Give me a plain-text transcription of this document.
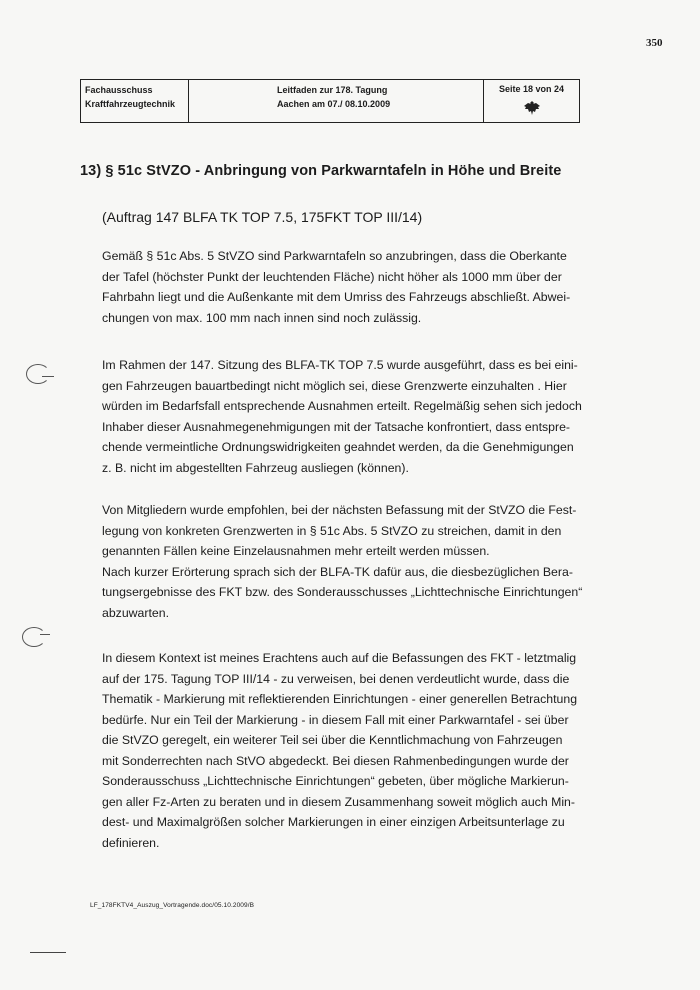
350
Fachausschuss
Kraftfahrzeugtechnik
Leitfaden zur 178. Tagung
Aachen am 07./ 08.10.2009
Seite 18 von 24
13) § 51c StVZO - Anbringung von Parkwarntafeln in Höhe und Breite
(Auftrag 147 BLFA TK TOP 7.5, 175FKT TOP III/14)
Gemäß § 51c Abs. 5 StVZO sind Parkwarntafeln so anzubringen, dass die Oberkante
der Tafel (höchster Punkt der leuchtenden Fläche) nicht höher als 1000 mm über der
Fahrbahn liegt und die Außenkante mit dem Umriss des Fahrzeugs abschließt. Abwei-
chungen von max. 100 mm nach innen sind noch zulässig.
Im Rahmen der 147. Sitzung des BLFA-TK TOP 7.5 wurde ausgeführt, dass es bei eini-
gen Fahrzeugen bauartbedingt nicht möglich sei, diese Grenzwerte einzuhalten . Hier
würden im Bedarfsfall entsprechende Ausnahmen erteilt. Regelmäßig sehen sich jedoch
Inhaber dieser Ausnahmegenehmigungen mit der Tatsache konfrontiert, dass entspre-
chende vermeintliche Ordnungswidrigkeiten geahndet werden, da die Genehmigungen
z. B. nicht im abgestellten Fahrzeug ausliegen (können).
Von Mitgliedern wurde empfohlen, bei der nächsten Befassung mit der StVZO die Fest-
legung von konkreten Grenzwerten in § 51c Abs. 5 StVZO zu streichen, damit in den
genannten Fällen keine Einzelausnahmen mehr erteilt werden müssen.
Nach kurzer Erörterung sprach sich der BLFA-TK dafür aus, die diesbezüglichen Bera-
tungsergebnisse des FKT bzw. des Sonderausschusses „Lichttechnische Einrichtungen“
abzuwarten.
In diesem Kontext ist meines Erachtens auch auf die Befassungen des FKT - letztmalig
auf der 175. Tagung TOP III/14 - zu verweisen, bei denen verdeutlicht wurde, dass die
Thematik - Markierung mit reflektierenden Einrichtungen - einer generellen Betrachtung
bedürfe. Nur ein Teil der Markierung - in diesem Fall mit einer Parkwarntafel - sei über
die StVZO geregelt, ein weiterer Teil sei über die Kenntlichmachung von Fahrzeugen
mit Sonderrechten nach StVO abgedeckt. Bei diesen Rahmenbedingungen wurde der
Sonderausschuss „Lichttechnische Einrichtungen“ gebeten, über mögliche Markierun-
gen aller Fz-Arten zu beraten und in diesem Zusammenhang soweit möglich auch Min-
dest- und Maximalgrößen solcher Markierungen in einer einzigen Arbeitsunterlage zu
definieren.
LF_178FKTV4_Auszug_Vortragende.doc/05.10.2009/B
